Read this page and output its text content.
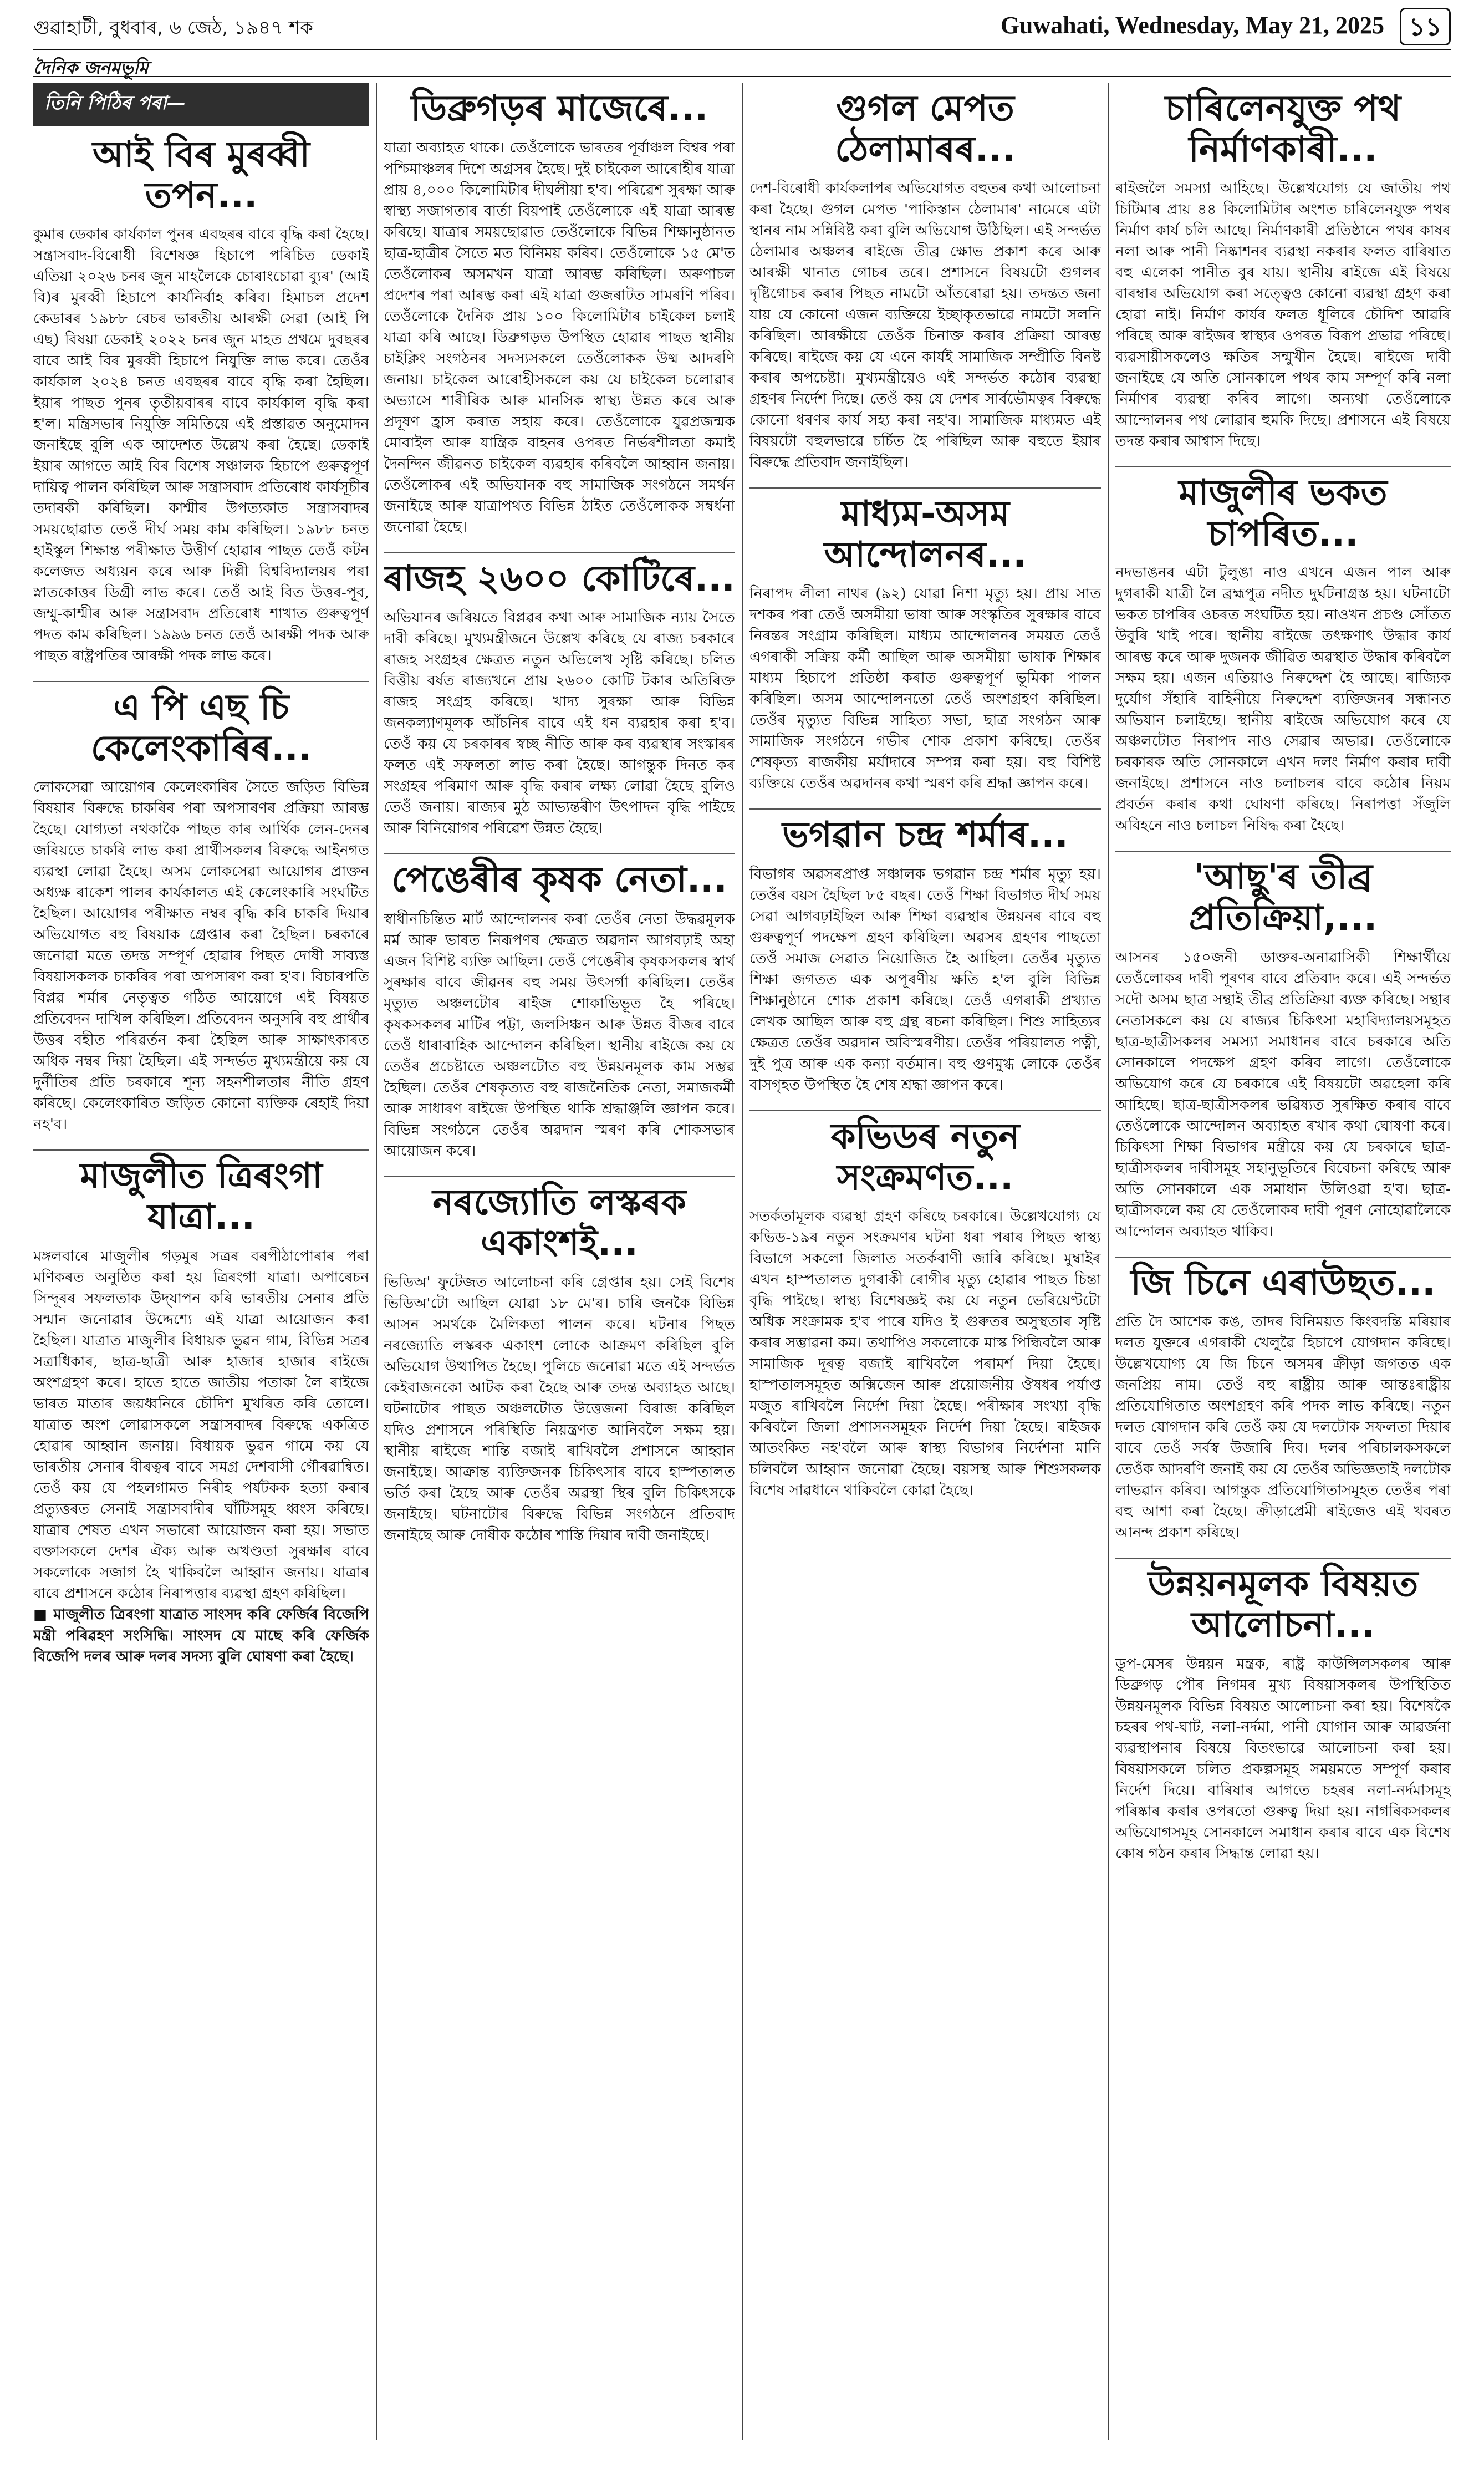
গুৱাহাটী, বুধবাৰ, ৬ জেঠ, ১৯৪৭ শক	Guwahati, Wednesday, May 21, 2025 ১১
দৈনিক জনমভূমি
তিনি পিঠিৰ পৰা—
আই বিৰ মুৰব্বী তপন...
কুমাৰ ডেকাৰ কাৰ্যকাল পুনৰ এবছৰৰ বাবে বৃদ্ধি কৰা হৈছে। সন্ত্ৰাসবাদ-বিৰোধী বিশেষজ্ঞ হিচাপে পৰিচিত ডেকাই এতিয়া ২০২৬ চনৰ জুন মাহলৈকে চোৰাংচোৱা ব্যুৰ' (আই বি)ৰ মুৰব্বী হিচাপে কাৰ্যনিৰ্বাহ কৰিব। হিমাচল প্ৰদেশ কেডাৰৰ ১৯৮৮ বেচৰ ভাৰতীয় আৰক্ষী সেৱা (আই পি এছ) বিষয়া ডেকাই ২০২২ চনৰ জুন মাহত প্ৰথমে দুবছৰৰ বাবে আই বিৰ মুৰব্বী হিচাপে নিযুক্তি লাভ কৰে। তেওঁৰ কাৰ্যকাল ২০২৪ চনত এবছৰৰ বাবে বৃদ্ধি কৰা হৈছিল। ইয়াৰ পাছত পুনৰ তৃতীয়বাৰৰ বাবে কাৰ্যকাল বৃদ্ধি কৰা হ'ল। মন্ত্ৰিসভাৰ নিযুক্তি সমিতিয়ে এই প্ৰস্তাৱত অনুমোদন জনাইছে বুলি এক আদেশত উল্লেখ কৰা হৈছে। ডেকাই ইয়াৰ আগতে আই বিৰ বিশেষ সঞ্চালক হিচাপে গুৰুত্বপূৰ্ণ দায়িত্ব পালন কৰিছিল আৰু সন্ত্ৰাসবাদ প্ৰতিৰোধ কাৰ্যসূচীৰ তদাৰকী কৰিছিল। কাশ্মীৰ উপত্যকাত সন্ত্ৰাসবাদৰ সময়ছোৱাত তেওঁ দীৰ্ঘ সময় কাম কৰিছিল। ১৯৮৮ চনত হাইস্কুল শিক্ষান্ত পৰীক্ষাত উত্তীৰ্ণ হোৱাৰ পাছত তেওঁ কটন কলেজত অধ্যয়ন কৰে আৰু দিল্লী বিশ্ববিদ্যালয়ৰ পৰা স্নাতকোত্তৰ ডিগ্ৰী লাভ কৰে। তেওঁ আই বিত উত্তৰ-পূব, জম্মু-কাশ্মীৰ আৰু সন্ত্ৰাসবাদ প্ৰতিৰোধ শাখাত গুৰুত্বপূৰ্ণ পদত কাম কৰিছিল। ১৯৯৬ চনত তেওঁ আৰক্ষী পদক আৰু পাছত ৰাষ্ট্ৰপতিৰ আৰক্ষী পদক লাভ কৰে।
এ পি এছ চি কেলেংকাৰিৰ...
লোকসেৱা আয়োগৰ কেলেংকাৰিৰ সৈতে জড়িত বিভিন্ন বিষয়াৰ বিৰুদ্ধে চাকৰিৰ পৰা অপসাৰণৰ প্ৰক্ৰিয়া আৰম্ভ হৈছে। যোগ্যতা নথকাকৈ পাছত কাৰ আৰ্থিক লেন-দেনৰ জৰিয়তে চাকৰি লাভ কৰা প্ৰাৰ্থীসকলৰ বিৰুদ্ধে আইনগত ব্যৱস্থা লোৱা হৈছে। অসম লোকসেৱা আয়োগৰ প্ৰাক্তন অধ্যক্ষ ৰাকেশ পালৰ কাৰ্যকালত এই কেলেংকাৰি সংঘটিত হৈছিল। আয়োগৰ পৰীক্ষাত নম্বৰ বৃদ্ধি কৰি চাকৰি দিয়াৰ অভিযোগত বহু বিষয়াক গ্ৰেপ্তাৰ কৰা হৈছিল। চৰকাৰে জনোৱা মতে তদন্ত সম্পূৰ্ণ হোৱাৰ পিছত দোষী সাব্যস্ত বিষয়াসকলক চাকৰিৰ পৰা অপসাৰণ কৰা হ'ব। বিচাৰপতি বিপ্লৱ শৰ্মাৰ নেতৃত্বত গঠিত আয়োগে এই বিষয়ত প্ৰতিবেদন দাখিল কৰিছিল। প্ৰতিবেদন অনুসৰি বহু প্ৰাৰ্থীৰ উত্তৰ বহীত পৰিৱৰ্তন কৰা হৈছিল আৰু সাক্ষাৎকাৰত অধিক নম্বৰ দিয়া হৈছিল। এই সন্দৰ্ভত মুখ্যমন্ত্ৰীয়ে কয় যে দুৰ্নীতিৰ প্ৰতি চৰকাৰে শূন্য সহনশীলতাৰ নীতি গ্ৰহণ কৰিছে। কেলেংকাৰিত জড়িত কোনো ব্যক্তিক ৰেহাই দিয়া নহ'ব।
মাজুলীত ত্ৰিৰংগা যাত্ৰা...
মঙ্গলবাৰে মাজুলীৰ গড়মুৰ সত্ৰৰ বৰপীঠাপোৰাৰ পৰা মণিকৰত অনুষ্ঠিত কৰা হয় ত্ৰিৰংগা যাত্ৰা। অপাৰেচন সিন্দূৰৰ সফলতাক উদ্‌যাপন কৰি ভাৰতীয় সেনাৰ প্ৰতি সন্মান জনোৱাৰ উদ্দেশ্যে এই যাত্ৰা আয়োজন কৰা হৈছিল। যাত্ৰাত মাজুলীৰ বিধায়ক ভুৱন গাম, বিভিন্ন সত্ৰৰ সত্ৰাধিকাৰ, ছাত্ৰ-ছাত্ৰী আৰু হাজাৰ হাজাৰ ৰাইজে অংশগ্ৰহণ কৰে। হাতে হাতে জাতীয় পতাকা লৈ ৰাইজে ভাৰত মাতাৰ জয়ধ্বনিৰে চৌদিশ মুখৰিত কৰি তোলে। যাত্ৰাত অংশ লোৱাসকলে সন্ত্ৰাসবাদৰ বিৰুদ্ধে একত্ৰিত হোৱাৰ আহ্বান জনায়। বিধায়ক ভুৱন গামে কয় যে ভাৰতীয় সেনাৰ বীৰত্বৰ বাবে সমগ্ৰ দেশবাসী গৌৰৱান্বিত। তেওঁ কয় যে পহলগামত নিৰীহ পৰ্যটকক হত্যা কৰাৰ প্ৰত্যুত্তৰত সেনাই সন্ত্ৰাসবাদীৰ ঘাঁটিসমূহ ধ্বংস কৰিছে। যাত্ৰাৰ শেষত এখন সভাৰো আয়োজন কৰা হয়। সভাত বক্তাসকলে দেশৰ ঐক্য আৰু অখণ্ডতা সুৰক্ষাৰ বাবে সকলোকে সজাগ হৈ থাকিবলৈ আহ্বান জনায়। যাত্ৰাৰ বাবে প্ৰশাসনে কঠোৰ নিৰাপত্তাৰ ব্যৱস্থা গ্ৰহণ কৰিছিল।
■ মাজুলীত ত্ৰিৰংগা যাত্ৰাত সাংসদ কৰি ফেৰ্জিৰ বিজেপি মন্ত্ৰী পৰিৱহণ সংসিদ্ধি। সাংসদ যে মাছে কৰি ফেৰ্জিক বিজেপি দলৰ আৰু দলৰ সদস্য বুলি ঘোষণা কৰা হৈছে।
ডিব্ৰুগড়ৰ মাজেৰে...
যাত্ৰা অব্যাহত থাকে। তেওঁলোকে ভাৰতৰ পূৰ্বাঞ্চল বিশ্বৰ পৰা পশ্চিমাঞ্চলৰ দিশে অগ্ৰসৰ হৈছে। দুই চাইকেল আৰোহীৰ যাত্ৰা প্ৰায় ৪,০০০ কিলোমিটাৰ দীঘলীয়া হ'ব। পৰিৱেশ সুৰক্ষা আৰু স্বাস্থ্য সজাগতাৰ বাৰ্তা বিয়পাই তেওঁলোকে এই যাত্ৰা আৰম্ভ কৰিছে। যাত্ৰাৰ সময়ছোৱাত তেওঁলোকে বিভিন্ন শিক্ষানুষ্ঠানত ছাত্ৰ-ছাত্ৰীৰ সৈতে মত বিনিময় কৰিব। তেওঁলোকে ১৫ মে'ত তেওঁলোকৰ অসমখন যাত্ৰা আৰম্ভ কৰিছিল। অৰুণাচল প্ৰদেশৰ পৰা আৰম্ভ কৰা এই যাত্ৰা গুজৰাটত সামৰণি পৰিব। তেওঁলোকে দৈনিক প্ৰায় ১০০ কিলোমিটাৰ চাইকেল চলাই যাত্ৰা কৰি আছে। ডিব্ৰুগড়ত উপস্থিত হোৱাৰ পাছত স্থানীয় চাইক্লিং সংগঠনৰ সদস্যসকলে তেওঁলোকক উষ্ম আদৰণি জনায়। চাইকেল আৰোহীসকলে কয় যে চাইকেল চলোৱাৰ অভ্যাসে শাৰীৰিক আৰু মানসিক স্বাস্থ্য উন্নত কৰে আৰু প্ৰদূষণ হ্ৰাস কৰাত সহায় কৰে। তেওঁলোকে যুৱপ্ৰজন্মক মোবাইল আৰু যান্ত্ৰিক বাহনৰ ওপৰত নিৰ্ভৰশীলতা কমাই দৈনন্দিন জীৱনত চাইকেল ব্যৱহাৰ কৰিবলৈ আহ্বান জনায়। তেওঁলোকৰ এই অভিযানক বহু সামাজিক সংগঠনে সমৰ্থন জনাইছে আৰু যাত্ৰাপথত বিভিন্ন ঠাইত তেওঁলোকক সম্বৰ্ধনা জনোৱা হৈছে।
ৰাজহ ২৬০০ কোটিৰে...
অভিযানৰ জৰিয়তে বিপ্লৱৰ কথা আৰু সামাজিক ন্যায় সৈতে দাবী কৰিছে। মুখ্যমন্ত্ৰীজনে উল্লেখ কৰিছে যে ৰাজ্য চৰকাৰে ৰাজহ সংগ্ৰহৰ ক্ষেত্ৰত নতুন অভিলেখ সৃষ্টি কৰিছে। চলিত বিত্তীয় বৰ্ষত ৰাজ্যখনে প্ৰায় ২৬০০ কোটি টকাৰ অতিৰিক্ত ৰাজহ সংগ্ৰহ কৰিছে। খাদ্য সুৰক্ষা আৰু বিভিন্ন জনকল্যাণমূলক আঁচনিৰ বাবে এই ধন ব্যৱহাৰ কৰা হ'ব। তেওঁ কয় যে চৰকাৰৰ স্বচ্ছ নীতি আৰু কৰ ব্যৱস্থাৰ সংস্কাৰৰ ফলত এই সফলতা লাভ কৰা হৈছে। আগন্তুক দিনত কৰ সংগ্ৰহৰ পৰিমাণ আৰু বৃদ্ধি কৰাৰ লক্ষ্য লোৱা হৈছে বুলিও তেওঁ জনায়। ৰাজ্যৰ মুঠ আভ্যন্তৰীণ উৎপাদন বৃদ্ধি পাইছে আৰু বিনিয়োগৰ পৰিৱেশ উন্নত হৈছে।
পেঙেৰীৰ কৃষক নেতা...
স্বাধীনচিন্তিত মাৰ্ট আন্দোলনৰ কৰা তেওঁৰ নেতা উদ্ধৱমূলক মৰ্ম আৰু ভাৰত নিৰূপণৰ ক্ষেত্ৰত অৱদান আগবঢ়াই অহা এজন বিশিষ্ট ব্যক্তি আছিল। তেওঁ পেঙেৰীৰ কৃষকসকলৰ স্বাৰ্থ সুৰক্ষাৰ বাবে জীৱনৰ বহু সময় উৎসৰ্গা কৰিছিল। তেওঁৰ মৃত্যুত অঞ্চলটোৰ ৰাইজ শোকাভিভূত হৈ পৰিছে। কৃষকসকলৰ মাটিৰ পট্টা, জলসিঞ্চন আৰু উন্নত বীজৰ বাবে তেওঁ ধাৰাবাহিক আন্দোলন কৰিছিল। স্থানীয় ৰাইজে কয় যে তেওঁৰ প্ৰচেষ্টাতে অঞ্চলটোত বহু উন্নয়নমূলক কাম সম্ভৱ হৈছিল। তেওঁৰ শেষকৃত্যত বহু ৰাজনৈতিক নেতা, সমাজকৰ্মী আৰু সাধাৰণ ৰাইজে উপস্থিত থাকি শ্ৰদ্ধাঞ্জলি জ্ঞাপন কৰে। বিভিন্ন সংগঠনে তেওঁৰ অৱদান স্মৰণ কৰি শোকসভাৰ আয়োজন কৰে।
নৰজ্যোতি লস্কৰক একাংশই...
ভিডিঅ' ফুটেজত আলোচনা কৰি গ্ৰেপ্তাৰ হয়। সেই বিশেষ ভিডিঅ'টো আছিল যোৱা ১৮ মে'ৰ। চাৰি জনকৈ বিভিন্ন আসন সমৰ্থকে মৈলিকতা পালন কৰে। ঘটনাৰ পিছত নৰজ্যোতি লস্কৰক একাংশ লোকে আক্ৰমণ কৰিছিল বুলি অভিযোগ উত্থাপিত হৈছে। পুলিচে জনোৱা মতে এই সন্দৰ্ভত কেইবাজনকো আটক কৰা হৈছে আৰু তদন্ত অব্যাহত আছে। ঘটনাটোৰ পাছত অঞ্চলটোত উত্তেজনা বিৰাজ কৰিছিল যদিও প্ৰশাসনে পৰিস্থিতি নিয়ন্ত্ৰণত আনিবলৈ সক্ষম হয়। স্থানীয় ৰাইজে শান্তি বজাই ৰাখিবলৈ প্ৰশাসনে আহ্বান জনাইছে। আক্ৰান্ত ব্যক্তিজনক চিকিৎসাৰ বাবে হাস্পতালত ভৰ্তি কৰা হৈছে আৰু তেওঁৰ অৱস্থা স্থিৰ বুলি চিকিৎসকে জনাইছে। ঘটনাটোৰ বিৰুদ্ধে বিভিন্ন সংগঠনে প্ৰতিবাদ জনাইছে আৰু দোষীক কঠোৰ শাস্তি দিয়াৰ দাবী জনাইছে।
গুগল মেপত ঠেলামাৰৰ...
দেশ-বিৰোধী কাৰ্যকলাপৰ অভিযোগত বহুতৰ কথা আলোচনা কৰা হৈছে। গুগল মেপত 'পাকিস্তান ঠেলামাৰ' নামেৰে এটা স্থানৰ নাম সন্নিবিষ্ট কৰা বুলি অভিযোগ উঠিছিল। এই সন্দৰ্ভত ঠেলামাৰ অঞ্চলৰ ৰাইজে তীব্ৰ ক্ষোভ প্ৰকাশ কৰে আৰু আৰক্ষী থানাত গোচৰ তৰে। প্ৰশাসনে বিষয়টো গুগলৰ দৃষ্টিগোচৰ কৰাৰ পিছত নামটো আঁতৰোৱা হয়। তদন্তত জনা যায় যে কোনো এজন ব্যক্তিয়ে ইচ্ছাকৃতভাৱে নামটো সলনি কৰিছিল। আৰক্ষীয়ে তেওঁক চিনাক্ত কৰাৰ প্ৰক্ৰিয়া আৰম্ভ কৰিছে। ৰাইজে কয় যে এনে কাৰ্যই সামাজিক সম্প্ৰীতি বিনষ্ট কৰাৰ অপচেষ্টা। মুখ্যমন্ত্ৰীয়েও এই সন্দৰ্ভত কঠোৰ ব্যৱস্থা গ্ৰহণৰ নিৰ্দেশ দিছে। তেওঁ কয় যে দেশৰ সাৰ্বভৌমত্বৰ বিৰুদ্ধে কোনো ধৰণৰ কাৰ্য সহ্য কৰা নহ'ব। সামাজিক মাধ্যমত এই বিষয়টো বহুলভাৱে চৰ্চিত হৈ পৰিছিল আৰু বহুতে ইয়াৰ বিৰুদ্ধে প্ৰতিবাদ জনাইছিল।
মাধ্যম-অসম আন্দোলনৰ...
নিৰাপদ লীলা নাথৰ (৯২) যোৱা নিশা মৃত্যু হয়। প্ৰায় সাত দশকৰ পৰা তেওঁ অসমীয়া ভাষা আৰু সংস্কৃতিৰ সুৰক্ষাৰ বাবে নিৰন্তৰ সংগ্ৰাম কৰিছিল। মাধ্যম আন্দোলনৰ সময়ত তেওঁ এগৰাকী সক্ৰিয় কৰ্মী আছিল আৰু অসমীয়া ভাষাক শিক্ষাৰ মাধ্যম হিচাপে প্ৰতিষ্ঠা কৰাত গুৰুত্বপূৰ্ণ ভূমিকা পালন কৰিছিল। অসম আন্দোলনতো তেওঁ অংশগ্ৰহণ কৰিছিল। তেওঁৰ মৃত্যুত বিভিন্ন সাহিত্য সভা, ছাত্ৰ সংগঠন আৰু সামাজিক সংগঠনে গভীৰ শোক প্ৰকাশ কৰিছে। তেওঁৰ শেষকৃত্য ৰাজকীয় মৰ্যাদাৰে সম্পন্ন কৰা হয়। বহু বিশিষ্ট ব্যক্তিয়ে তেওঁৰ অৱদানৰ কথা স্মৰণ কৰি শ্ৰদ্ধা জ্ঞাপন কৰে।
ভগৱান চন্দ্ৰ শৰ্মাৰ...
বিভাগৰ অৱসৰপ্ৰাপ্ত সঞ্চালক ভগৱান চন্দ্ৰ শৰ্মাৰ মৃত্যু হয়। তেওঁৰ বয়স হৈছিল ৮৫ বছৰ। তেওঁ শিক্ষা বিভাগত দীৰ্ঘ সময় সেৱা আগবঢ়াইছিল আৰু শিক্ষা ব্যৱস্থাৰ উন্নয়নৰ বাবে বহু গুৰুত্বপূৰ্ণ পদক্ষেপ গ্ৰহণ কৰিছিল। অৱসৰ গ্ৰহণৰ পাছতো তেওঁ সমাজ সেৱাত নিয়োজিত হৈ আছিল। তেওঁৰ মৃত্যুত শিক্ষা জগতত এক অপূৰণীয় ক্ষতি হ'ল বুলি বিভিন্ন শিক্ষানুষ্ঠানে শোক প্ৰকাশ কৰিছে। তেওঁ এগৰাকী প্ৰখ্যাত লেখক আছিল আৰু বহু গ্ৰন্থ ৰচনা কৰিছিল। শিশু সাহিত্যৰ ক্ষেত্ৰত তেওঁৰ অৱদান অবিস্মৰণীয়। তেওঁৰ পৰিয়ালত পত্নী, দুই পুত্ৰ আৰু এক কন্যা বৰ্তমান। বহু গুণমুগ্ধ লোকে তেওঁৰ বাসগৃহত উপস্থিত হৈ শেষ শ্ৰদ্ধা জ্ঞাপন কৰে।
কভিডৰ নতুন সংক্ৰমণত...
সতৰ্কতামূলক ব্যৱস্থা গ্ৰহণ কৰিছে চৰকাৰে। উল্লেখযোগ্য যে কভিড-১৯ৰ নতুন সংক্ৰমণৰ ঘটনা ধৰা পৰাৰ পিছত স্বাস্থ্য বিভাগে সকলো জিলাত সতৰ্কবাণী জাৰি কৰিছে। মুম্বাইৰ এখন হাস্পতালত দুগৰাকী ৰোগীৰ মৃত্যু হোৱাৰ পাছত চিন্তা বৃদ্ধি পাইছে। স্বাস্থ্য বিশেষজ্ঞই কয় যে নতুন ভেৰিয়েণ্টটো অধিক সংক্ৰামক হ'ব পাৰে যদিও ই গুৰুতৰ অসুস্থতাৰ সৃষ্টি কৰাৰ সম্ভাৱনা কম। তথাপিও সকলোকে মাস্ক পিন্ধিবলৈ আৰু সামাজিক দূৰত্ব বজাই ৰাখিবলৈ পৰামৰ্শ দিয়া হৈছে। হাস্পতালসমূহত অক্সিজেন আৰু প্ৰয়োজনীয় ঔষধৰ পৰ্যাপ্ত মজুত ৰাখিবলৈ নিৰ্দেশ দিয়া হৈছে। পৰীক্ষাৰ সংখ্যা বৃদ্ধি কৰিবলৈ জিলা প্ৰশাসনসমূহক নিৰ্দেশ দিয়া হৈছে। ৰাইজক আতংকিত নহ'বলৈ আৰু স্বাস্থ্য বিভাগৰ নিৰ্দেশনা মানি চলিবলৈ আহ্বান জনোৱা হৈছে। বয়সস্থ আৰু শিশুসকলক বিশেষ সাৱধানে থাকিবলৈ কোৱা হৈছে।
চাৰিলেনযুক্ত পথ নিৰ্মাণকাৰী...
ৰাইজলৈ সমস্যা আহিছে। উল্লেখযোগ্য যে জাতীয় পথ চিটিমাৰ প্ৰায় ৪৪ কিলোমিটাৰ অংশত চাৰিলেনযুক্ত পথৰ নিৰ্মাণ কাৰ্য চলি আছে। নিৰ্মাণকাৰী প্ৰতিষ্ঠানে পথৰ কাষৰ নলা আৰু পানী নিষ্কাশনৰ ব্যৱস্থা নকৰাৰ ফলত বাৰিষাত বহু এলেকা পানীত বুৰ যায়। স্থানীয় ৰাইজে এই বিষয়ে বাৰম্বাৰ অভিযোগ কৰা সত্ত্বেও কোনো ব্যৱস্থা গ্ৰহণ কৰা হোৱা নাই। নিৰ্মাণ কাৰ্যৰ ফলত ধূলিৰে চৌদিশ আৱৰি পৰিছে আৰু ৰাইজৰ স্বাস্থ্যৰ ওপৰত বিৰূপ প্ৰভাৱ পৰিছে। ব্যৱসায়ীসকলেও ক্ষতিৰ সন্মুখীন হৈছে। ৰাইজে দাবী জনাইছে যে অতি সোনকালে পথৰ কাম সম্পূৰ্ণ কৰি নলা নিৰ্মাণৰ ব্যৱস্থা কৰিব লাগে। অন্যথা তেওঁলোকে আন্দোলনৰ পথ লোৱাৰ হুমকি দিছে। প্ৰশাসনে এই বিষয়ে তদন্ত কৰাৰ আশ্বাস দিছে।
মাজুলীৰ ভকত চাপৰিত...
নদভাঙনৰ এটা টুলুঙা নাও এখনে এজন পাল আৰু দুগৰাকী যাত্ৰী লৈ ব্ৰহ্মপুত্ৰ নদীত দুৰ্ঘটনাগ্ৰস্ত হয়। ঘটনাটো ভকত চাপৰিৰ ওচৰত সংঘটিত হয়। নাওখন প্ৰচণ্ড সোঁতত উবুৰি খাই পৰে। স্থানীয় ৰাইজে তৎক্ষণাৎ উদ্ধাৰ কাৰ্য আৰম্ভ কৰে আৰু দুজনক জীৱিত অৱস্থাত উদ্ধাৰ কৰিবলৈ সক্ষম হয়। এজন এতিয়াও নিৰুদ্দেশ হৈ আছে। ৰাজ্যিক দুৰ্যোগ সঁহাৰি বাহিনীয়ে নিৰুদ্দেশ ব্যক্তিজনৰ সন্ধানত অভিযান চলাইছে। স্থানীয় ৰাইজে অভিযোগ কৰে যে অঞ্চলটোত নিৰাপদ নাও সেৱাৰ অভাৱ। তেওঁলোকে চৰকাৰক অতি সোনকালে এখন দলং নিৰ্মাণ কৰাৰ দাবী জনাইছে। প্ৰশাসনে নাও চলাচলৰ বাবে কঠোৰ নিয়ম প্ৰবৰ্তন কৰাৰ কথা ঘোষণা কৰিছে। নিৰাপত্তা সঁজুলি অবিহনে নাও চলাচল নিষিদ্ধ কৰা হৈছে।
'আছু'ৰ তীব্ৰ প্ৰতিক্ৰিয়া,...
আসনৰ ১৫০জনী ডাক্তৰ-অনাৱাসিকী শিক্ষাৰ্থীয়ে তেওঁলোকৰ দাবী পূৰণৰ বাবে প্ৰতিবাদ কৰে। এই সন্দৰ্ভত সদৌ অসম ছাত্ৰ সন্থাই তীব্ৰ প্ৰতিক্ৰিয়া ব্যক্ত কৰিছে। সন্থাৰ নেতাসকলে কয় যে ৰাজ্যৰ চিকিৎসা মহাবিদ্যালয়সমূহত ছাত্ৰ-ছাত্ৰীসকলৰ সমস্যা সমাধানৰ বাবে চৰকাৰে অতি সোনকালে পদক্ষেপ গ্ৰহণ কৰিব লাগে। তেওঁলোকে অভিযোগ কৰে যে চৰকাৰে এই বিষয়টো অৱহেলা কৰি আহিছে। ছাত্ৰ-ছাত্ৰীসকলৰ ভৱিষ্যত সুৰক্ষিত কৰাৰ বাবে তেওঁলোকে আন্দোলন অব্যাহত ৰখাৰ কথা ঘোষণা কৰে। চিকিৎসা শিক্ষা বিভাগৰ মন্ত্ৰীয়ে কয় যে চৰকাৰে ছাত্ৰ-ছাত্ৰীসকলৰ দাবীসমূহ সহানুভূতিৰে বিবেচনা কৰিছে আৰু অতি সোনকালে এক সমাধান উলিওৱা হ'ব। ছাত্ৰ-ছাত্ৰীসকলে কয় যে তেওঁলোকৰ দাবী পূৰণ নোহোৱালৈকে আন্দোলন অব্যাহত থাকিব।
জি চিনে এৰাউছত...
প্ৰতি দৈ আশেক কঙ, তাদৰ বিনিময়ত কিংবদন্তি মৰিয়াৰ দলত যুক্তৰে এগৰাকী খেলুৱৈ হিচাপে যোগদান কৰিছে। উল্লেখযোগ্য যে জি চিনে অসমৰ ক্ৰীড়া জগতত এক জনপ্ৰিয় নাম। তেওঁ বহু ৰাষ্ট্ৰীয় আৰু আন্তঃৰাষ্ট্ৰীয় প্ৰতিযোগিতাত অংশগ্ৰহণ কৰি পদক লাভ কৰিছে। নতুন দলত যোগদান কৰি তেওঁ কয় যে দলটোক সফলতা দিয়াৰ বাবে তেওঁ সৰ্বস্ব উজাৰি দিব। দলৰ পৰিচালকসকলে তেওঁক আদৰণি জনাই কয় যে তেওঁৰ অভিজ্ঞতাই দলটোক লাভৱান কৰিব। আগন্তুক প্ৰতিযোগিতাসমূহত তেওঁৰ পৰা বহু আশা কৰা হৈছে। ক্ৰীড়াপ্ৰেমী ৰাইজেও এই খবৰত আনন্দ প্ৰকাশ কৰিছে।
উন্নয়নমূলক বিষয়ত আলোচনা...
ডুপ-মেসৰ উন্নয়ন মন্ত্ৰক, ৰাষ্ট্ৰ কাউন্সিলসকলৰ আৰু ডিব্ৰুগড় পৌৰ নিগমৰ মুখ্য বিষয়াসকলৰ উপস্থিতিত উন্নয়নমূলক বিভিন্ন বিষয়ত আলোচনা কৰা হয়। বিশেষকৈ চহৰৰ পথ-ঘাট, নলা-নৰ্দমা, পানী যোগান আৰু আৱৰ্জনা ব্যৱস্থাপনাৰ বিষয়ে বিতংভাৱে আলোচনা কৰা হয়। বিষয়াসকলে চলিত প্ৰকল্পসমূহ সময়মতে সম্পূৰ্ণ কৰাৰ নিৰ্দেশ দিয়ে। বাৰিষাৰ আগতে চহৰৰ নলা-নৰ্দমাসমূহ পৰিষ্কাৰ কৰাৰ ওপৰতো গুৰুত্ব দিয়া হয়। নাগৰিকসকলৰ অভিযোগসমূহ সোনকালে সমাধান কৰাৰ বাবে এক বিশেষ কোষ গঠন কৰাৰ সিদ্ধান্ত লোৱা হয়।
